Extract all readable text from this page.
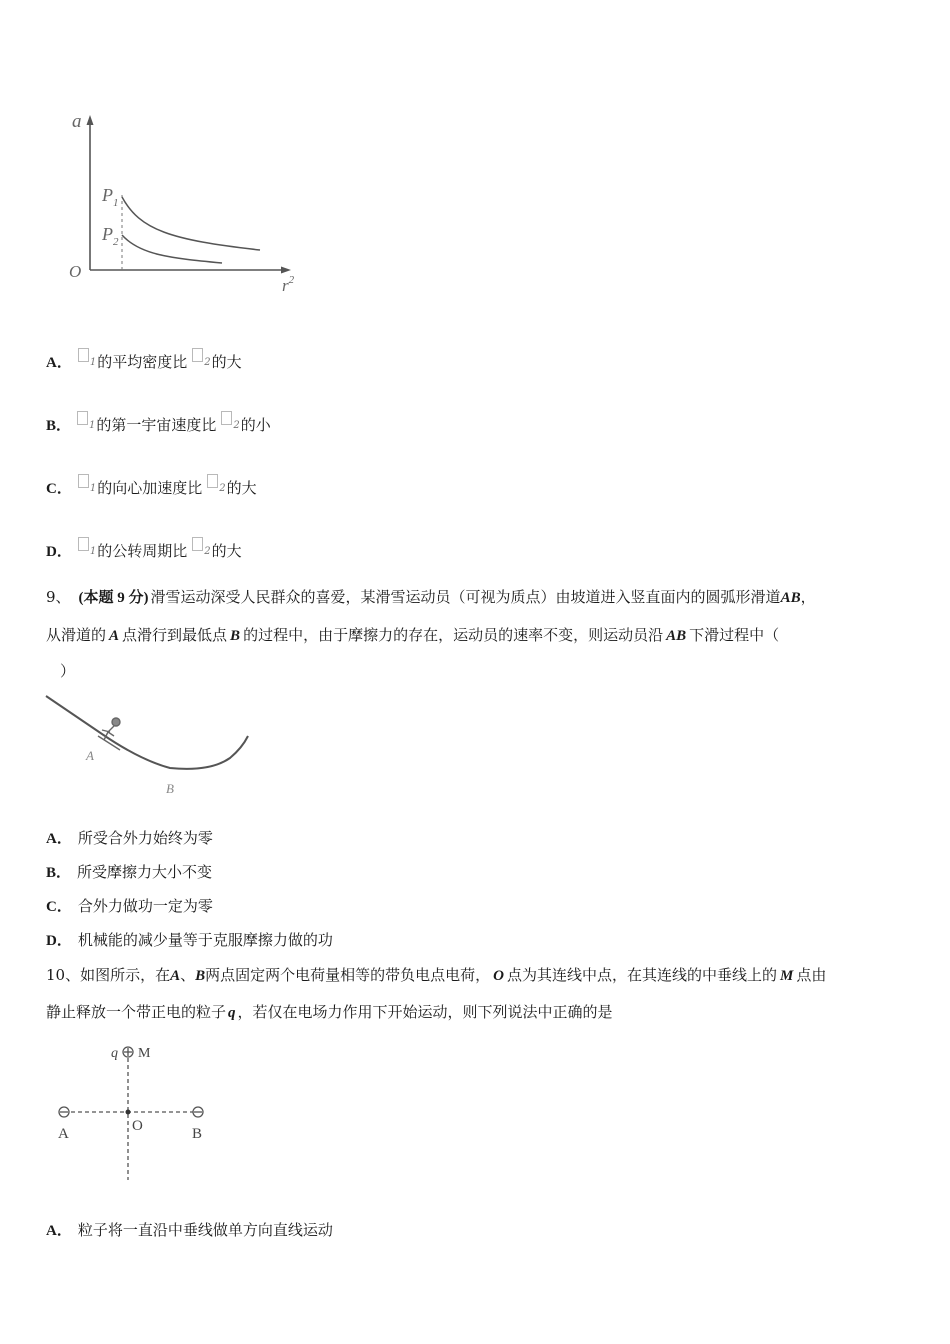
a
O
$r^2$
$P_1$
$P_2$
A． $^1$的平均密度比 $^2$的大
B． $^1$的第一宇宙速度比 $^2$的小
C． $^1$的向心加速度比 $^2$的大
D． $^1$的公转周期比 $^2$的大
9、 (本题 9 分) 滑雪运动深受人民群众的喜爱，某滑雪运动员（可视为质点）由坡道进入竖直面内的圆弧形滑道AB，
从滑道的 A 点滑行到最低点 B 的过程中，由于摩擦力的存在，运动员的速率不变，则运动员沿 AB 下滑过程中（
）
A
B
A． 所受合外力始终为零
B． 所受摩擦力大小不变
C． 合外力做功一定为零
D． 机械能的减少量等于克服摩擦力做的功
10、如图所示，在A、B两点固定两个电荷量相等的带负电点电荷， O 点为其连线中点，在其连线的中垂线上的 M 点由
静止释放一个带正电的粒子 q ，若仅在电场力作用下开始运动，则下列说法中正确的是
q M
A	O	B
A． 粒子将一直沿中垂线做单方向直线运动
